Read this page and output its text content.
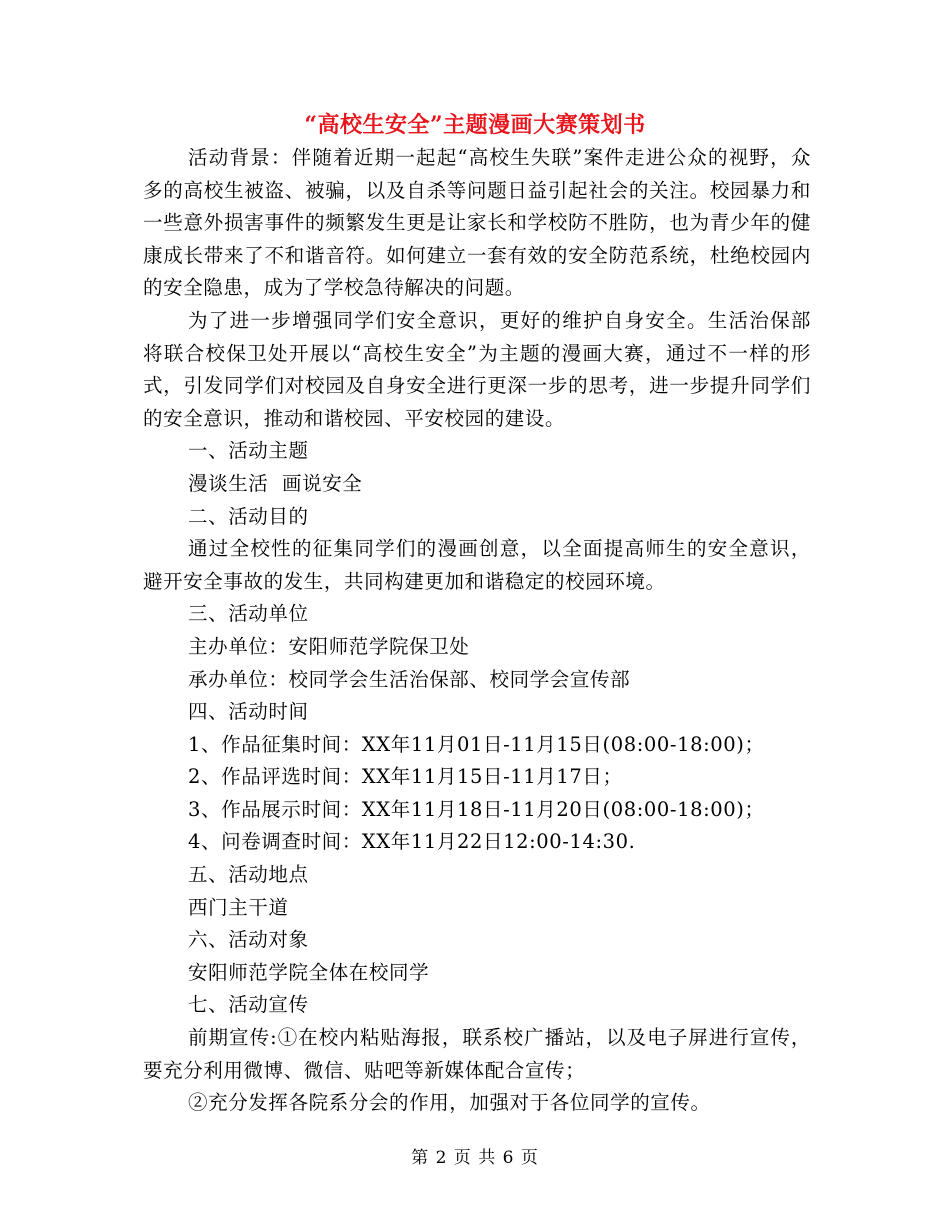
“高校生安全”主题漫画大赛策划书

活动背景：伴随着近期一起起“高校生失联”案件走进公众的视野，众多的高校生被盗、被骗，以及自杀等问题日益引起社会的关注。校园暴力和一些意外损害事件的频繁发生更是让家长和学校防不胜防，也为青少年的健康成长带来了不和谐音符。如何建立一套有效的安全防范系统，杜绝校园内的安全隐患，成为了学校急待解决的问题。

为了进一步增强同学们安全意识，更好的维护自身安全。生活治保部将联合校保卫处开展以“高校生安全”为主题的漫画大赛，通过不一样的形式，引发同学们对校园及自身安全进行更深一步的思考，进一步提升同学们的安全意识，推动和谐校园、平安校园的建设。

一、活动主题

漫谈生活  画说安全

二、活动目的

通过全校性的征集同学们的漫画创意，以全面提高师生的安全意识，避开安全事故的发生，共同构建更加和谐稳定的校园环境。

三、活动单位

主办单位：安阳师范学院保卫处

承办单位：校同学会生活治保部、校同学会宣传部

四、活动时间

1、作品征集时间：XX年11月01日-11月15日(08:00-18:00)；

2、作品评选时间：XX年11月15日-11月17日；

3、作品展示时间：XX年11月18日-11月20日(08:00-18:00)；

4、问卷调查时间：XX年11月22日12:00-14:30.

五、活动地点

西门主干道

六、活动对象

安阳师范学院全体在校同学

七、活动宣传

前期宣传:①在校内粘贴海报，联系校广播站，以及电子屏进行宣传，要充分利用微博、微信、贴吧等新媒体配合宣传；

②充分发挥各院系分会的作用，加强对于各位同学的宣传。

第 2 页 共 6 页
